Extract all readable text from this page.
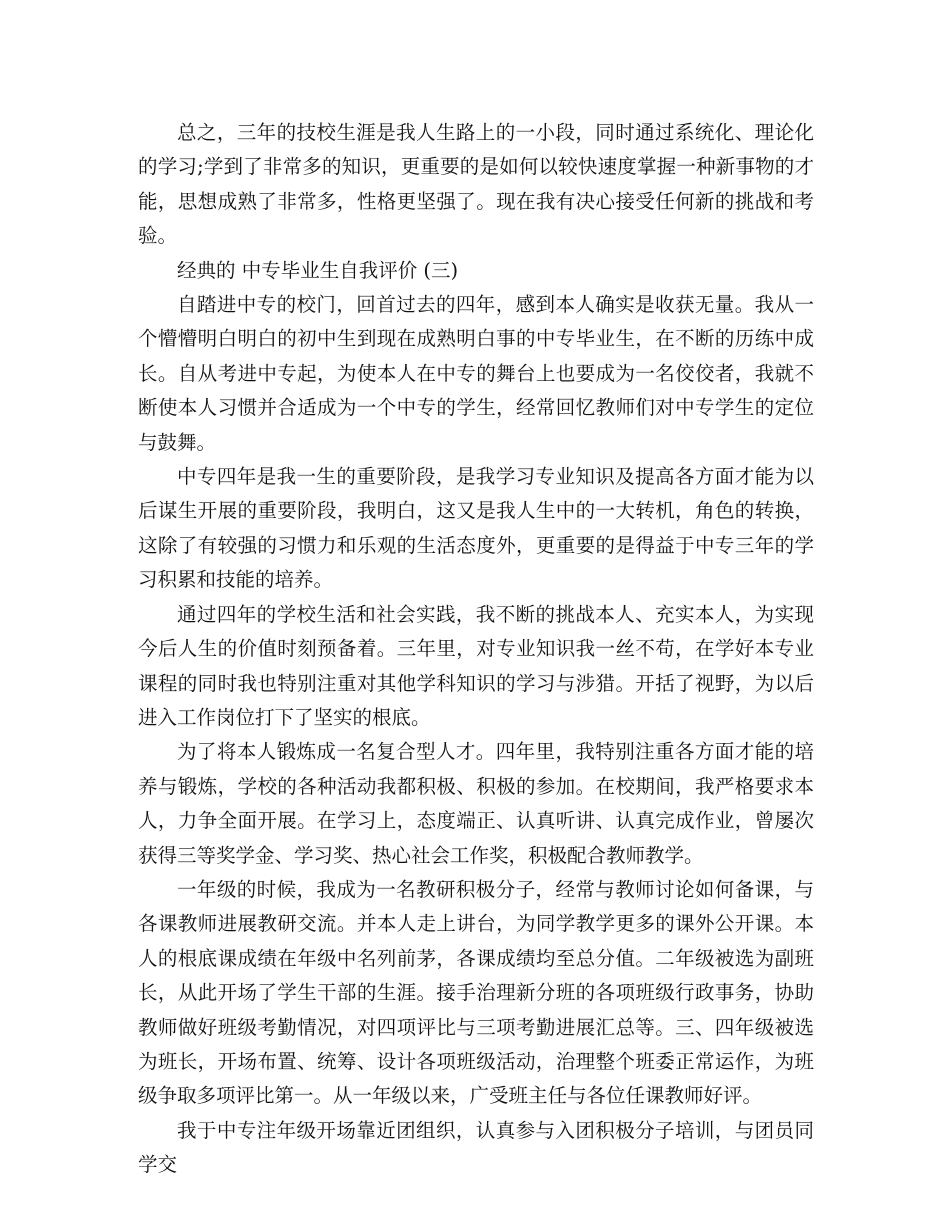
总之，三年的技校生涯是我人生路上的一小段，同时通过系统化、理论化的学习;学到了非常多的知识，更重要的是如何以较快速度掌握一种新事物的才能，思想成熟了非常多，性格更坚强了。现在我有决心接受任何新的挑战和考验。

经典的 中专毕业生自我评价 (三)

自踏进中专的校门，回首过去的四年，感到本人确实是收获无量。我从一个懵懵明白明白的初中生到现在成熟明白事的中专毕业生，在不断的历练中成长。自从考进中专起，为使本人在中专的舞台上也要成为一名佼佼者，我就不断使本人习惯并合适成为一个中专的学生，经常回忆教师们对中专学生的定位与鼓舞。

中专四年是我一生的重要阶段，是我学习专业知识及提高各方面才能为以后谋生开展的重要阶段，我明白，这又是我人生中的一大转机，角色的转换，这除了有较强的习惯力和乐观的生活态度外，更重要的是得益于中专三年的学习积累和技能的培养。

通过四年的学校生活和社会实践，我不断的挑战本人、充实本人，为实现今后人生的价值时刻预备着。三年里，对专业知识我一丝不苟，在学好本专业课程的同时我也特别注重对其他学科知识的学习与涉猎。开括了视野，为以后进入工作岗位打下了坚实的根底。

为了将本人锻炼成一名复合型人才。四年里，我特别注重各方面才能的培养与锻炼，学校的各种活动我都积极、积极的参加。在校期间，我严格要求本人，力争全面开展。在学习上，态度端正、认真听讲、认真完成作业，曾屡次获得三等奖学金、学习奖、热心社会工作奖，积极配合教师教学。

一年级的时候，我成为一名教研积极分子，经常与教师讨论如何备课，与各课教师进展教研交流。并本人走上讲台，为同学教学更多的课外公开课。本人的根底课成绩在年级中名列前茅，各课成绩均至总分值。二年级被选为副班长，从此开场了学生干部的生涯。接手治理新分班的各项班级行政事务，协助教师做好班级考勤情况，对四项评比与三项考勤进展汇总等。三、四年级被选为班长，开场布置、统筹、设计各项班级活动，治理整个班委正常运作，为班级争取多项评比第一。从一年级以来，广受班主任与各位任课教师好评。

我于中专注年级开场靠近团组织，认真参与入团积极分子培训，与团员同学交
